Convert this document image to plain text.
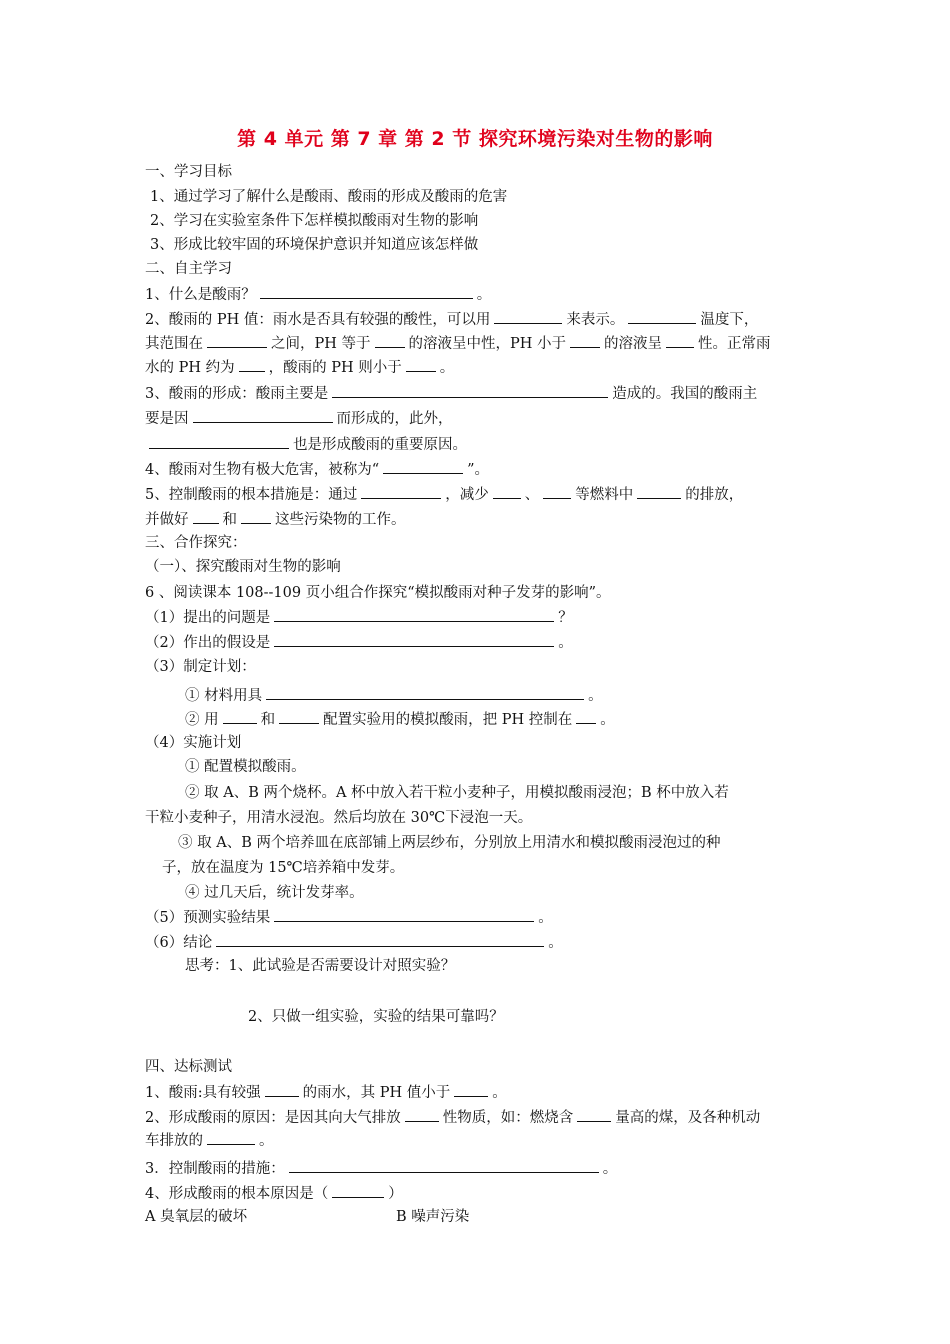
第 4 单元 第 7 章 第 2 节 探究环境污染对生物的影响
一、学习目标
1、通过学习了解什么是酸雨、酸雨的形成及酸雨的危害
2、学习在实验室条件下怎样模拟酸雨对生物的影响
3、形成比较牢固的环境保护意识并知道应该怎样做
二、自主学习
1、什么是酸雨？	。
2、酸雨的 PH 值：雨水是否具有较强的酸性，可以用	来表示。	温度下，
其范围在	之间，PH 等于	的溶液呈中性，PH 小于	的溶液呈 性。正常雨
水的 PH 约为 ，酸雨的 PH 则小于	。
3、酸雨的形成：酸雨主要是	造成的。我国的酸雨主
要是因	而形成的，此外，
也是形成酸雨的重要原因。
4、酸雨对生物有极大危害，被称为“	”。
5、控制酸雨的根本措施是：通过	，减少 、 等燃料中	的排放，
并做好 和	这些污染物的工作。
三、合作探究：
（一）、探究酸雨对生物的影响
6 、阅读课本 108--109 页小组合作探究“模拟酸雨对种子发芽的影响”。
（1）提出的问题是	？
（2）作出的假设是	。
（3）制定计划：
① 材料用具	。
② 用	和	配置实验用的模拟酸雨，把 PH 控制在 。
（4）实施计划
① 配置模拟酸雨。
② 取 A、B 两个烧杯。A 杯中放入若干粒小麦种子，用模拟酸雨浸泡；B 杯中放入若
干粒小麦种子，用清水浸泡。然后均放在 30℃下浸泡一天。
③ 取 A、B 两个培养皿在底部铺上两层纱布，分别放上用清水和模拟酸雨浸泡过的种
子，放在温度为 15℃培养箱中发芽。
④ 过几天后，统计发芽率。
（5）预测实验结果	。
（6）结论	。
思考：1、此试验是否需要设计对照实验？
2、只做一组实验，实验的结果可靠吗？
四、达标测试
1、酸雨:具有较强	的雨水，其 PH 值小于	。
2、形成酸雨的原因：是因其向大气排放	性物质，如：燃烧含	量高的煤，及各种机动
车排放的	。
3．控制酸雨的措施：	。
4、形成酸雨的根本原因是（	）
A 臭氧层的破坏	B 噪声污染
